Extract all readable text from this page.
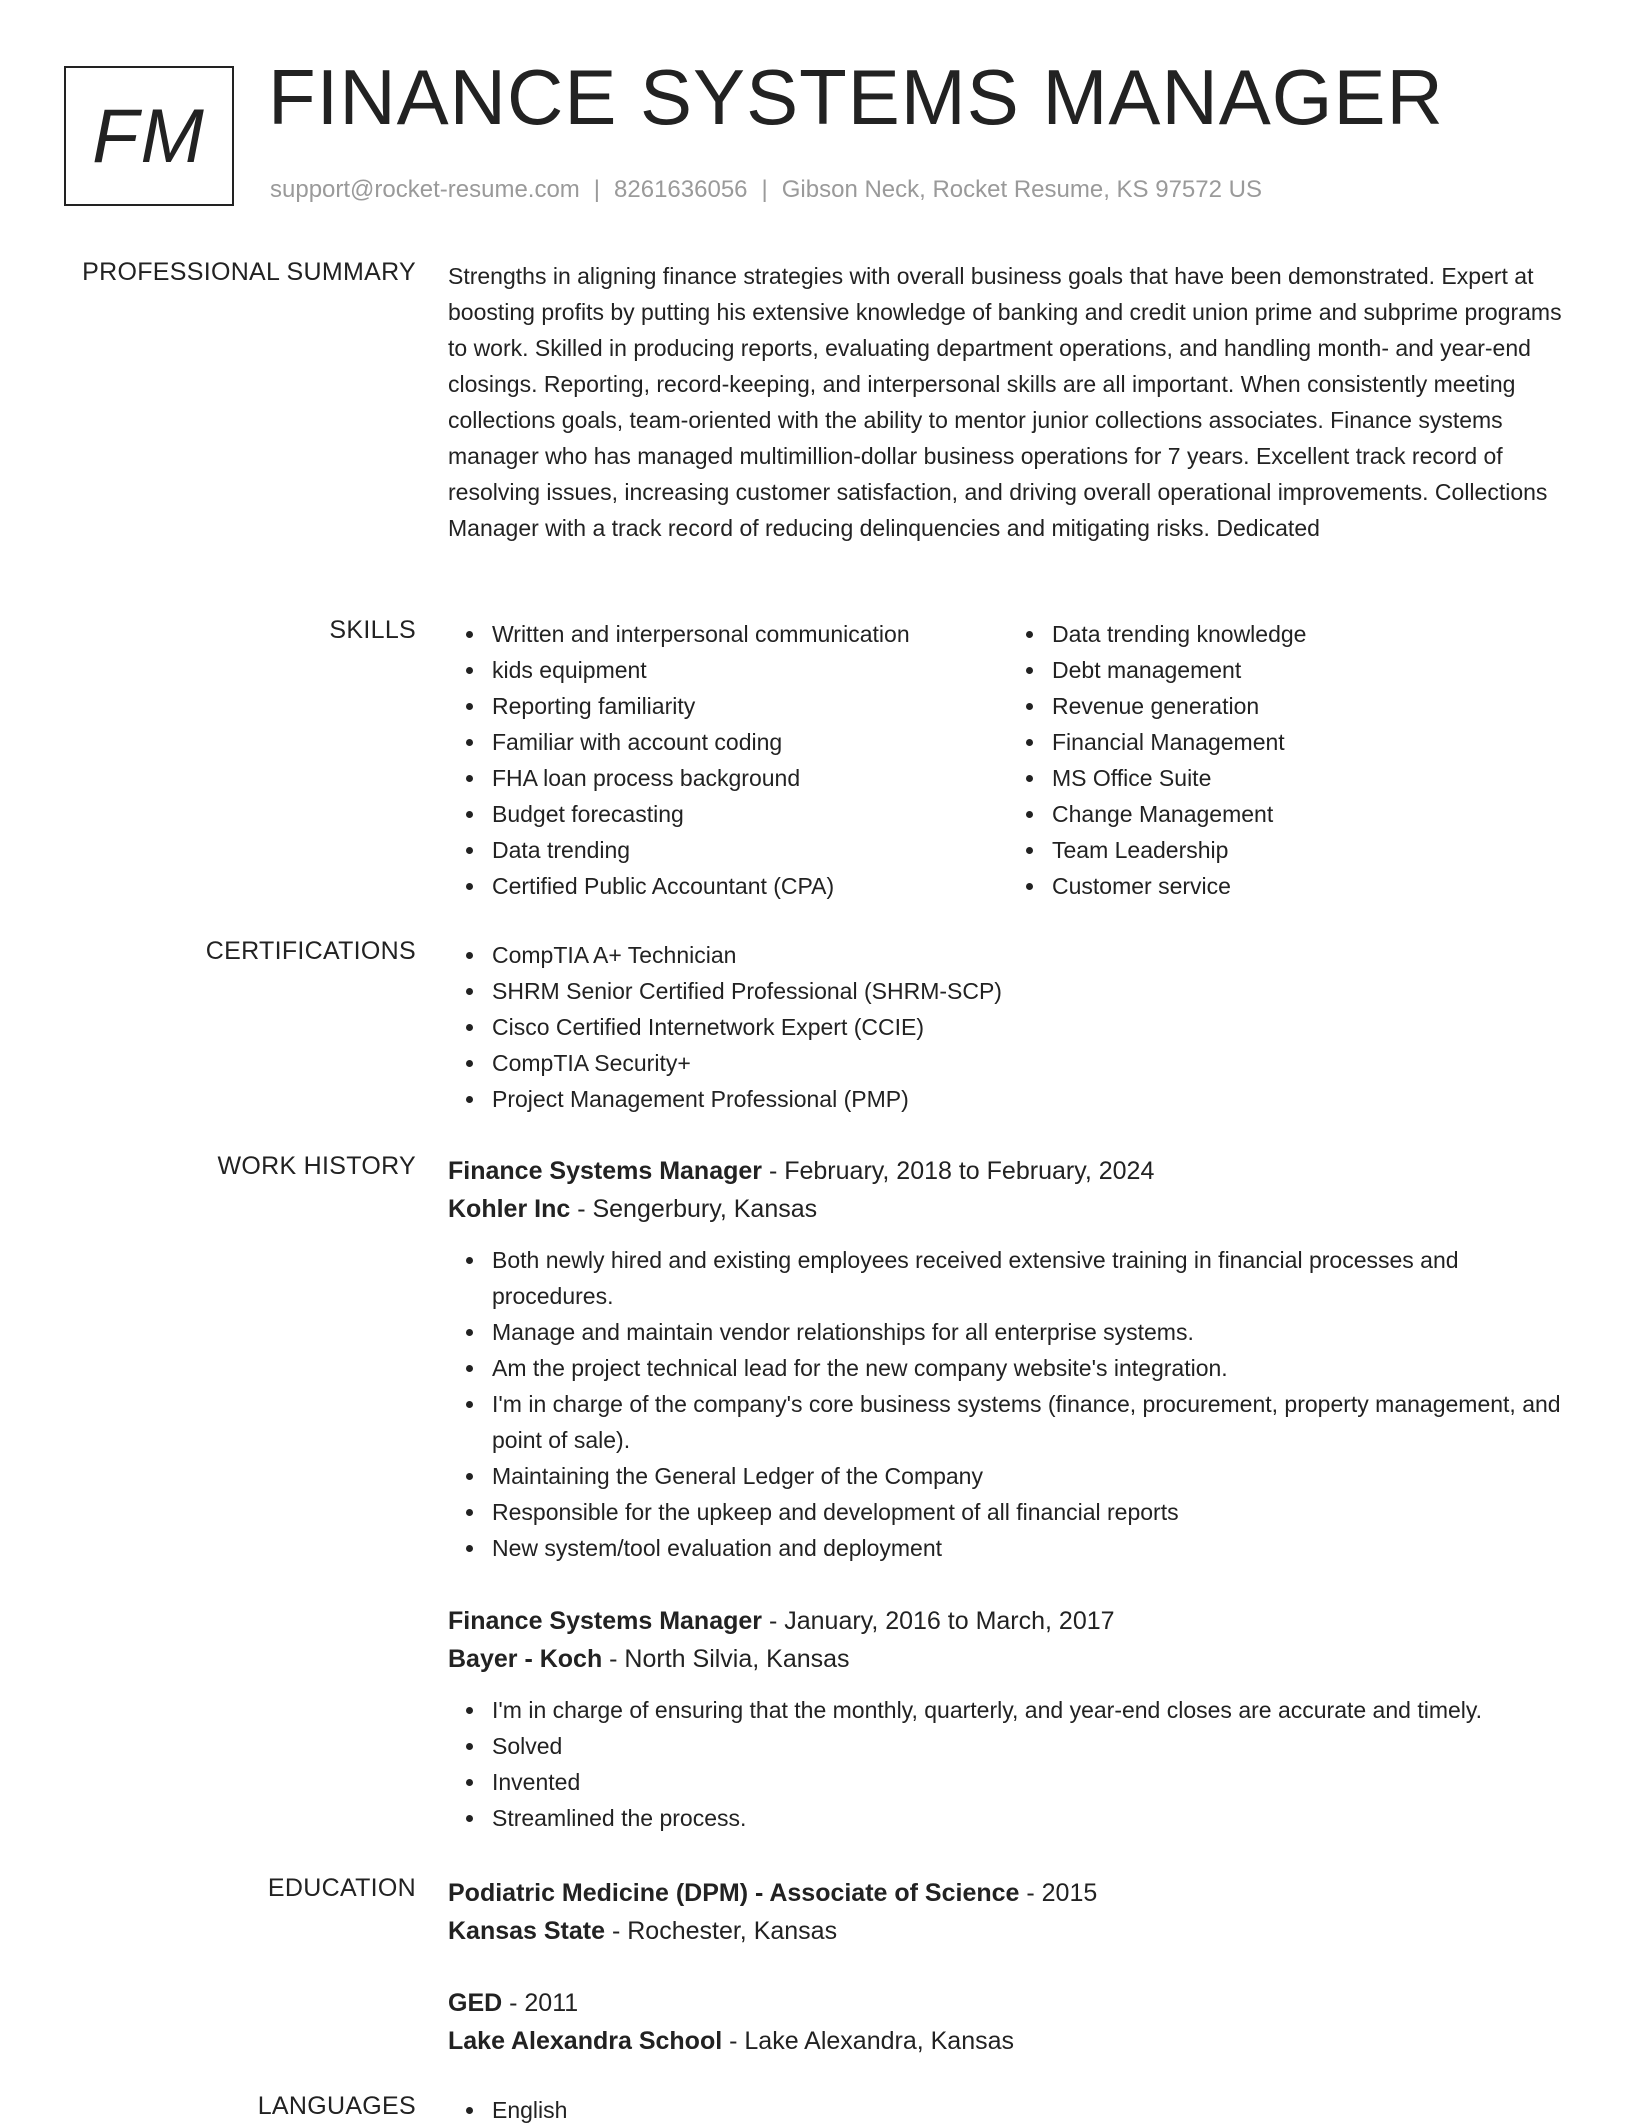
FM FINANCE SYSTEMS MANAGER
support@rocket-resume.com | 8261636056 | Gibson Neck, Rocket Resume, KS 97572 US
PROFESSIONAL SUMMARY Strengths in aligning finance strategies with overall business goals that have been demonstrated. Expert at boosting profits by putting his extensive knowledge of banking and credit union prime and subprime programs to work. Skilled in producing reports, evaluating department operations, and handling month- and year-end closings. Reporting, record-keeping, and interpersonal skills are all important. When consistently meeting collections goals, team-oriented with the ability to mentor junior collections associates. Finance systems manager who has managed multimillion-dollar business operations for 7 years. Excellent track record of resolving issues, increasing customer satisfaction, and driving overall operational improvements. Collections Manager with a track record of reducing delinquencies and mitigating risks. Dedicated
SKILLS	Written and interpersonal communication
kids equipment
Reporting familiarity
Familiar with account coding
FHA loan process background
Budget forecasting
Data trending
Certified Public Accountant (CPA)
Data trending knowledge
Debt management
Revenue generation
Financial Management
MS Office Suite
Change Management
Team Leadership
Customer service
CERTIFICATIONS	CompTIA A+ Technician
SHRM Senior Certified Professional (SHRM-SCP)
Cisco Certified Internetwork Expert (CCIE)
CompTIA Security+
Project Management Professional (PMP)
WORK HISTORY Finance Systems Manager - February, 2018 to February, 2024
Kohler Inc - Sengerbury, Kansas
Both newly hired and existing employees received extensive training in financial processes and procedures.
Manage and maintain vendor relationships for all enterprise systems.
Am the project technical lead for the new company website's integration.
I'm in charge of the company's core business systems (finance, procurement, property management, and point of sale).
Maintaining the General Ledger of the Company
Responsible for the upkeep and development of all financial reports
New system/tool evaluation and deployment
Finance Systems Manager - January, 2016 to March, 2017
Bayer - Koch - North Silvia, Kansas
I'm in charge of ensuring that the monthly, quarterly, and year-end closes are accurate and timely.
Solved
Invented
Streamlined the process.
EDUCATION Podiatric Medicine (DPM) - Associate of Science - 2015
Kansas State - Rochester, Kansas
GED - 2011
Lake Alexandra School - Lake Alexandra, Kansas
LANGUAGES	English
